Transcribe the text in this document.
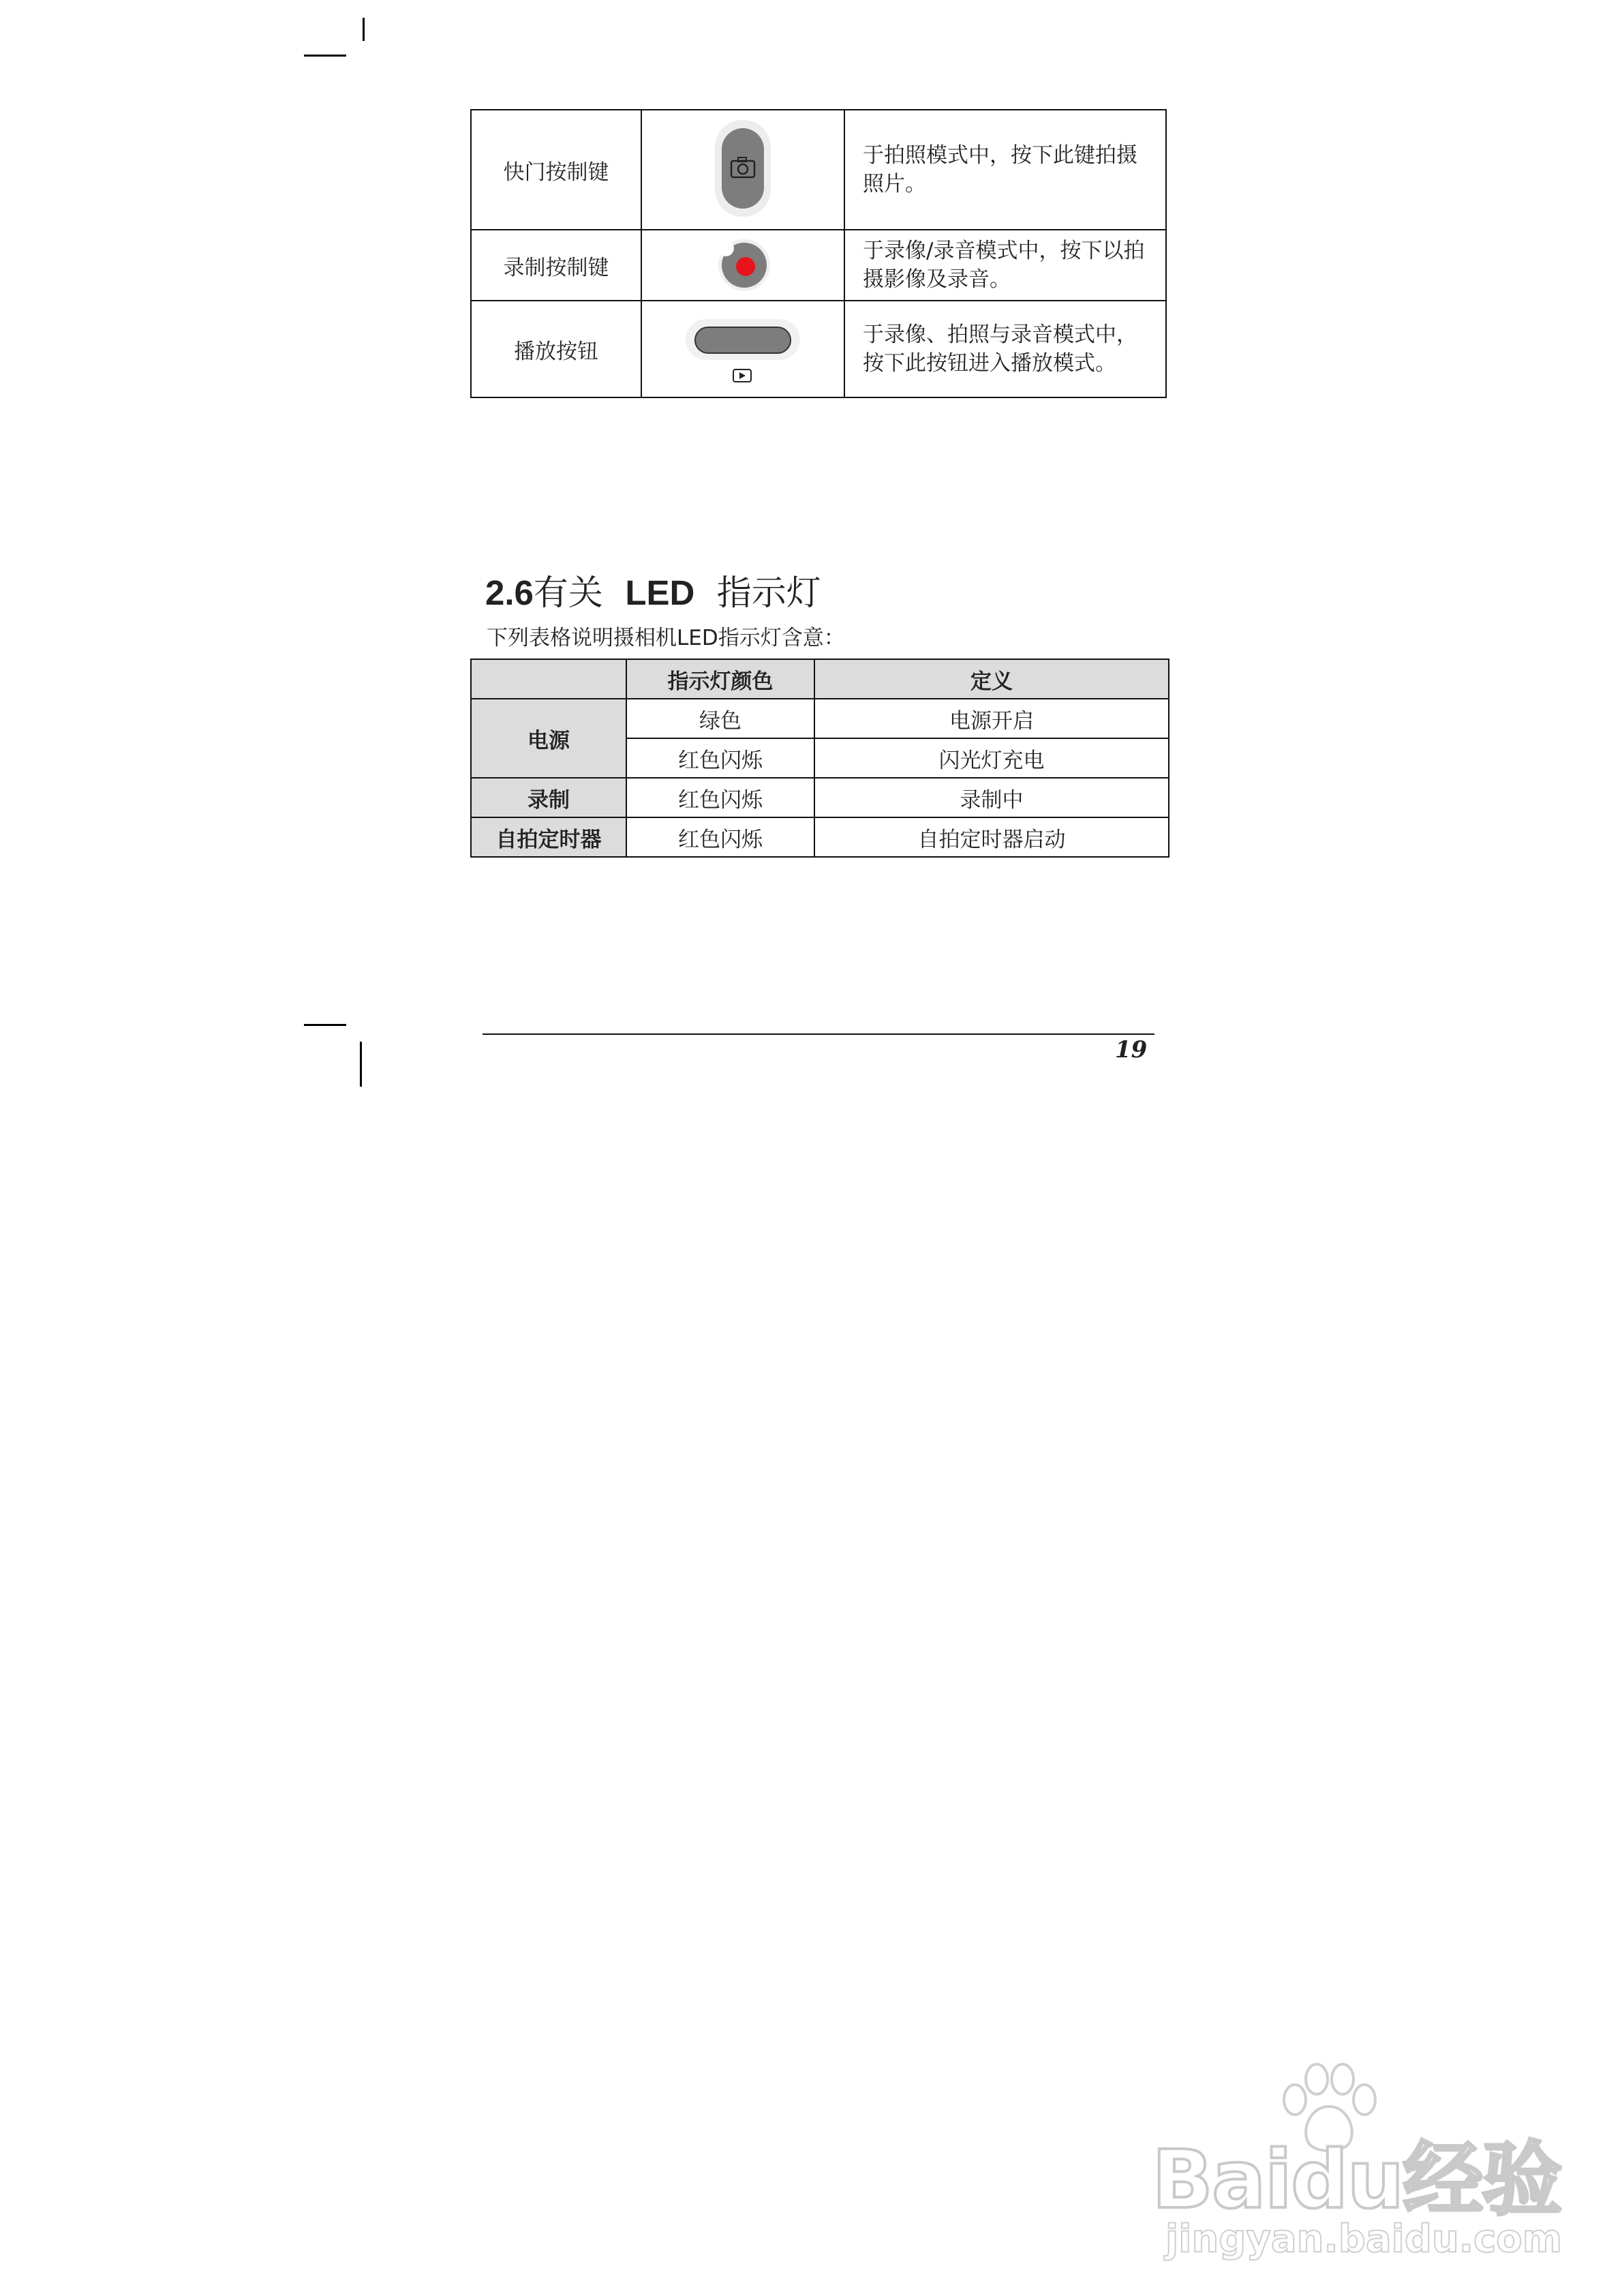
快门按制键		于拍照模式中，按下此键拍摄照片。
录制按制键		于录像/录音模式中，按下以拍摄影像及录音。
播放按钮		于录像、拍照与录音模式中，按下此按钮进入播放模式。
2.6有关 LED 指示灯
下列表格说明摄相机LED指示灯含意：
	指示灯颜色	定义
电源	绿色	电源开启
	红色闪烁	闪光灯充电
录制	红色闪烁	录制中
自拍定时器	红色闪烁	自拍定时器启动
19
Baidu经验
jingyan.baidu.com
